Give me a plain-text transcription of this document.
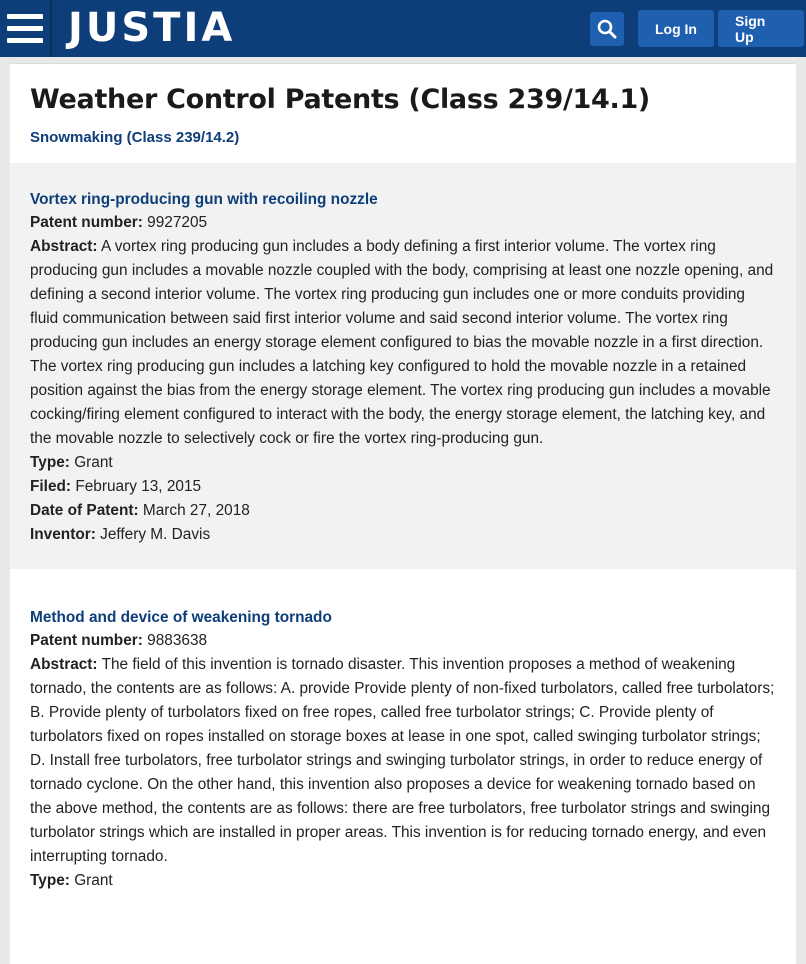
JUSTIA	Log In	Sign Up
Weather Control Patents (Class 239/14.1)
Snowmaking (Class 239/14.2)
Vortex ring-producing gun with recoiling nozzle
Patent number: 9927205
Abstract: A vortex ring producing gun includes a body defining a first interior volume. The vortex ring producing gun includes a movable nozzle coupled with the body, comprising at least one nozzle opening, and defining a second interior volume. The vortex ring producing gun includes one or more conduits providing fluid communication between said first interior volume and said second interior volume. The vortex ring producing gun includes an energy storage element configured to bias the movable nozzle in a first direction. The vortex ring producing gun includes a latching key configured to hold the movable nozzle in a retained position against the bias from the energy storage element. The vortex ring producing gun includes a movable cocking/firing element configured to interact with the body, the energy storage element, the latching key, and the movable nozzle to selectively cock or fire the vortex ring-producing gun.
Type: Grant
Filed: February 13, 2015
Date of Patent: March 27, 2018
Inventor: Jeffery M. Davis
Method and device of weakening tornado
Patent number: 9883638
Abstract: The field of this invention is tornado disaster. This invention proposes a method of weakening tornado, the contents are as follows: A. provide Provide plenty of non-fixed turbolators, called free turbolators; B. Provide plenty of turbolators fixed on free ropes, called free turbolator strings; C. Provide plenty of turbolators fixed on ropes installed on storage boxes at lease in one spot, called swinging turbolator strings; D. Install free turbolators, free turbolator strings and swinging turbolator strings, in order to reduce energy of tornado cyclone. On the other hand, this invention also proposes a device for weakening tornado based on the above method, the contents are as follows: there are free turbolators, free turbolator strings and swinging turbolator strings which are installed in proper areas. This invention is for reducing tornado energy, and even interrupting tornado.
Type: Grant
